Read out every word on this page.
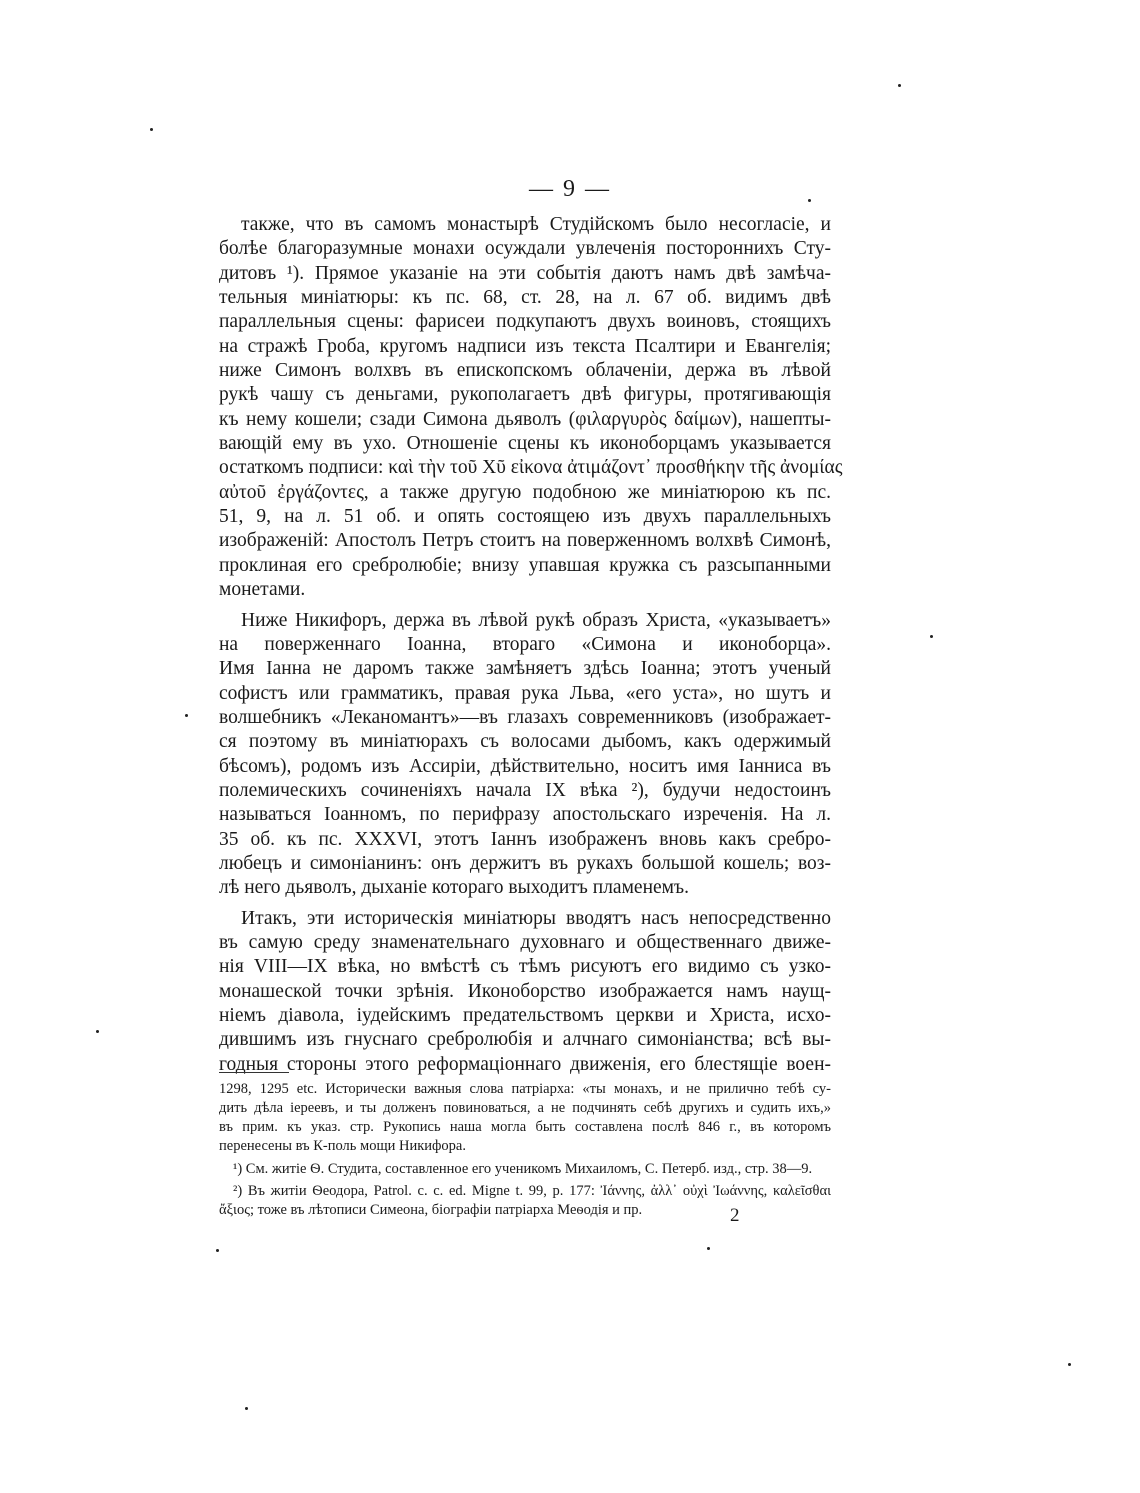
— 9 —
также, что въ самомъ монастырѣ Студійскомъ было несогласіе, и
болѣе благоразумные монахи осуждали увлеченія постороннихъ Сту-
дитовъ ¹). Прямое указаніе на эти событія даютъ намъ двѣ замѣча-
тельныя миніатюры: къ пс. 68, ст. 28, на л. 67 об. видимъ двѣ
параллельныя сцены: фарисеи подкупаютъ двухъ воиновъ, стоящихъ
на стражѣ Гроба, кругомъ надписи изъ текста Псалтири и Евангелія;
ниже Симонъ волхвъ въ епископскомъ облаченіи, держа въ лѣвой
рукѣ чашу съ деньгами, рукополагаетъ двѣ фигуры, протягивающія
къ нему кошели; сзади Симона дьяволъ (φιλαργυρὸς δαίμων), нашепты-
вающій ему въ ухо. Отношеніе сцены къ иконоборцамъ указывается
остаткомъ подписи: καὶ τὴν τοῦ Χῦ εἰκονα ἀτιμάζοντ᾽ προσθήκην τῆς ἀνομίας
αὐτοῦ ἐργάζοντες, а также другую подобною же миніатюрою къ пс.
51, 9, на л. 51 об. и опять состоящею изъ двухъ параллельныхъ
изображеній: Апостолъ Петръ стоитъ на поверженномъ волхвѣ Симонѣ,
проклиная его сребролюбіе; внизу упавшая кружка съ разсыпанными
монетами.
Ниже Никифоръ, держа въ лѣвой рукѣ образъ Христа, «указываетъ»
на поверженнаго Іоанна, втораго «Симона и иконоборца».
Имя Іанна не даромъ также замѣняетъ здѣсь Іоанна; этотъ ученый
софистъ или грамматикъ, правая рука Льва, «его уста», но шутъ и
волшебникъ «Леканомантъ»—въ глазахъ современниковъ (изображает-
ся поэтому въ миніатюрахъ съ волосами дыбомъ, какъ одержимый
бѣсомъ), родомъ изъ Ассиріи, дѣйствительно, носитъ имя Іанниса въ
полемическихъ сочиненіяхъ начала IX вѣка ²), будучи недостоинъ
называться Іоанномъ, по перифразу апостольскаго изреченія. На л.
35 об. къ пс. XXXVI, этотъ Іаннъ изображенъ вновь какъ сребро-
любецъ и симоніанинъ: онъ держитъ въ рукахъ большой кошель; воз-
лѣ него дьяволъ, дыханіе котораго выходитъ пламенемъ.
Итакъ, эти историческія миніатюры вводятъ насъ непосредственно
въ самую среду знаменательнаго духовнаго и общественнаго движе-
нія VIII—IX вѣка, но вмѣстѣ съ тѣмъ рисуютъ его видимо съ узко-
монашеской точки зрѣнія. Иконоборство изображается намъ наущ-
ніемъ діавола, іудейскимъ предательствомъ церкви и Христа, исхо-
дившимъ изъ гнуснаго сребролюбія и алчнаго симоніанства; всѣ вы-
годныя стороны этого реформаціоннаго движенія, его блестящіе воен-
1298, 1295 etc. Исторически важныя слова патріарха: «ты монахъ, и не прилично тебѣ су-
дить дѣла іереевъ, и ты долженъ повиноваться, а не подчинять себѣ другихъ и судить ихъ,»
въ прим. къ указ. стр. Рукопись наша могла быть составлена послѣ 846 г., въ которомъ
перенесены въ К-поль мощи Никифора.
¹) См. житіе Ѳ. Студита, составленное его ученикомъ Михаиломъ, С. Петерб. изд., стр. 38—9.
²) Въ житіи Ѳеодора, Patrol. c. c. ed. Migne t. 99, p. 177: Ἰάννης, ἀλλ᾽ οὐχὶ Ἰωάννης, καλεῖσθαι
ἄξιος; тоже въ лѣтописи Симеона, біографіи патріарха Меѳодія и пр.	2
